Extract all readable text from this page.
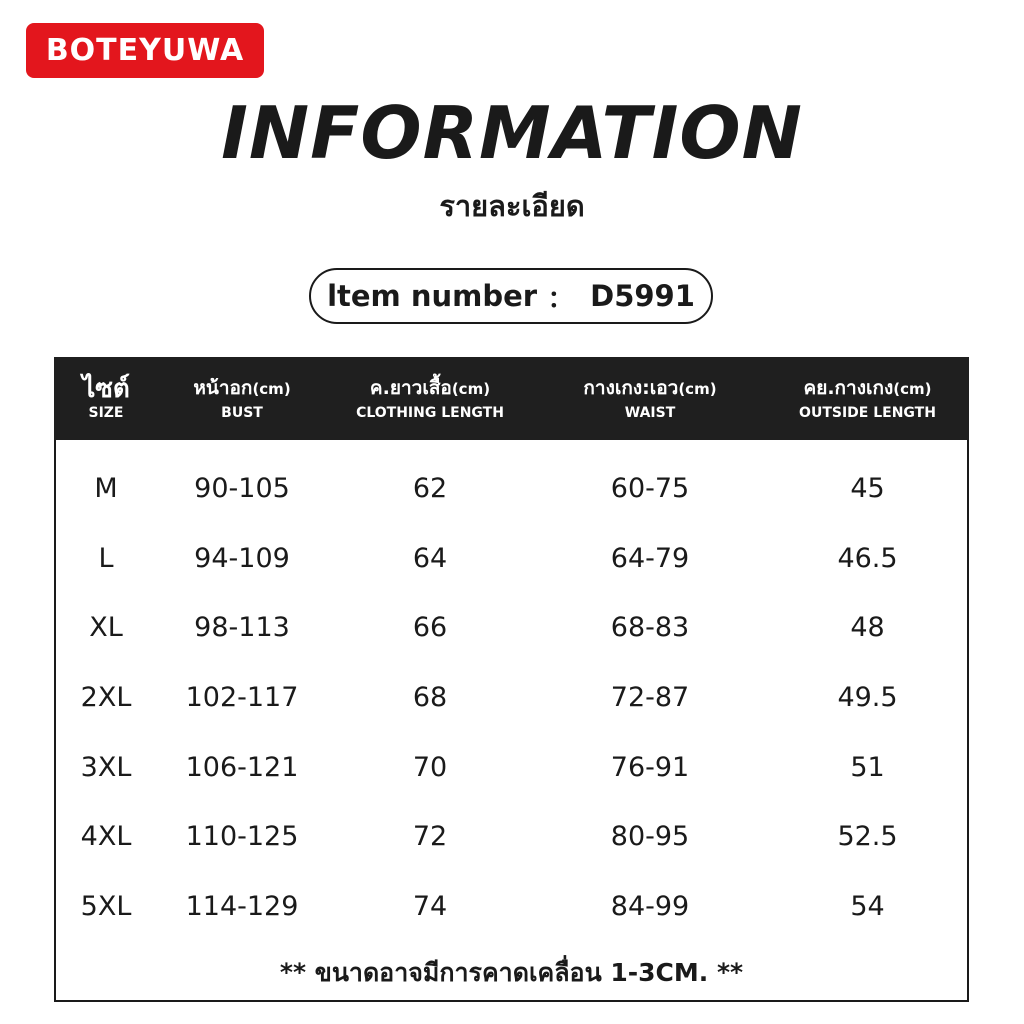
BOTEYUWA
INFORMATION
รายละเอียด
ltem number ： D5991
ไซต์
SIZE
หน้าอก(cm)
BUST
ค.ยาวเสื้อ(cm)
CLOTHING LENGTH
กางเกง:เอว(cm)
WAIST
คย.กางเกง(cm)
OUTSIDE LENGTH
M	90-105	62	60-75	45
L	94-109	64	64-79	46.5
XL	98-113	66	68-83	48
2XL	102-117	68	72-87	49.5
3XL	106-121	70	76-91	51
4XL	110-125	72	80-95	52.5
5XL	114-129	74	84-99	54
** ขนาดอาจมีการคาดเคลื่อน 1-3CM. **
